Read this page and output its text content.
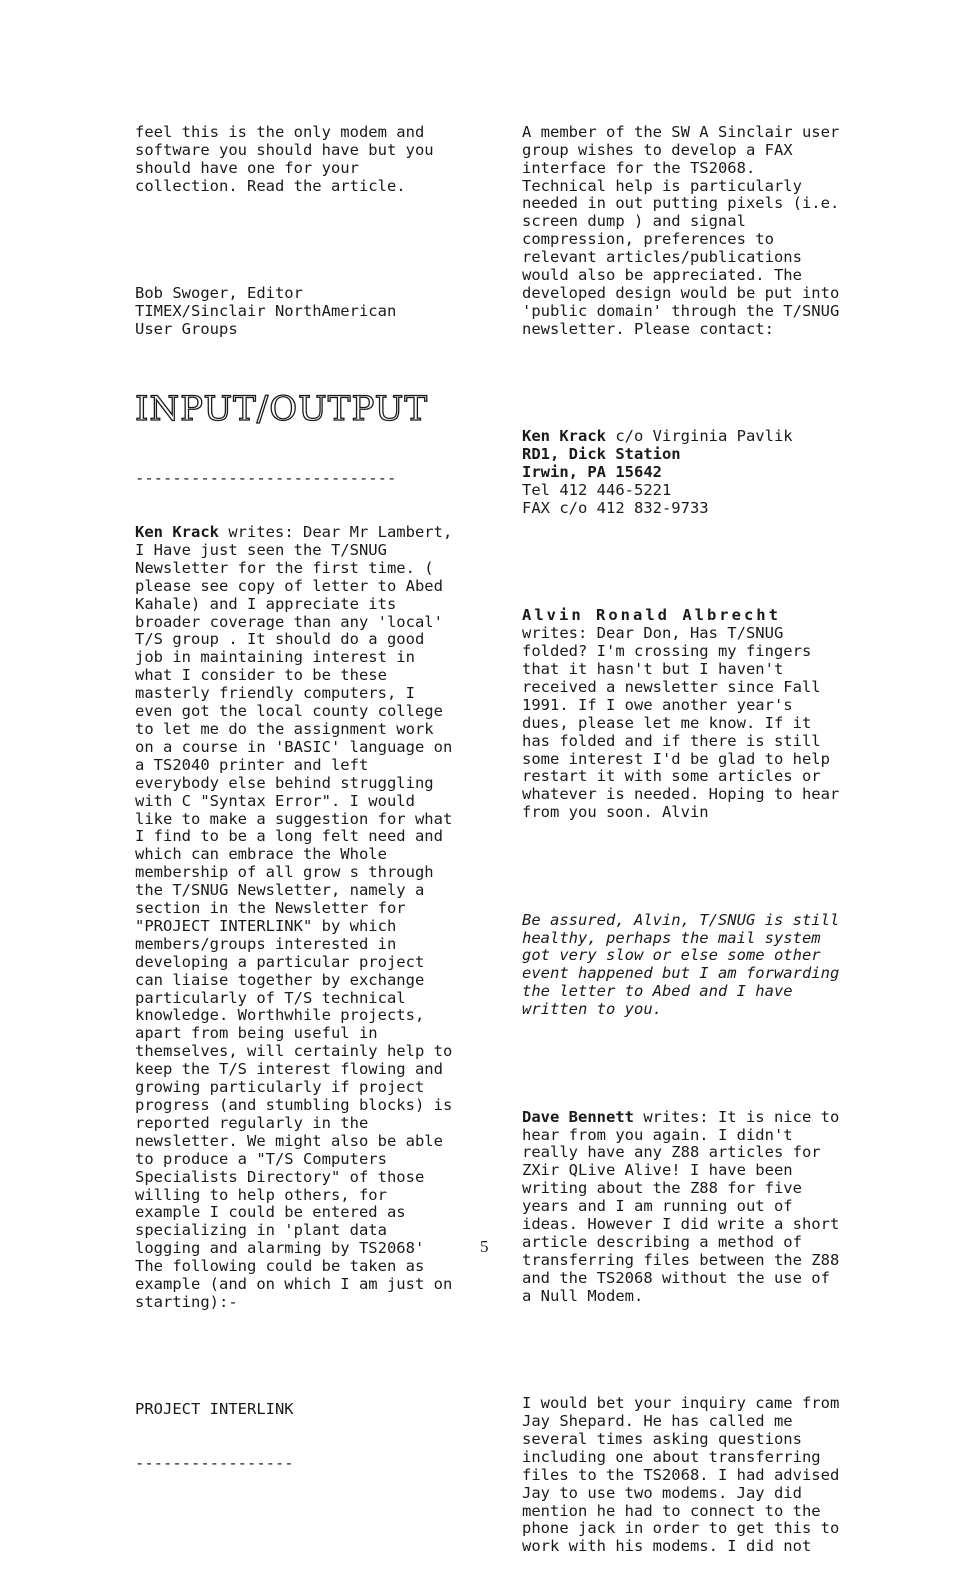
feel this is the only modem and software you should have but you should have one for your collection. Read the article.

Bob Swoger, Editor
TIMEX/Sinclair NorthAmerican
User Groups

INPUT/OUTPUT

----------------------------

Ken Krack writes: Dear Mr Lambert, I Have just seen the T/SNUG Newsletter for the first time. ( please see copy of letter to Abed Kahale) and I appreciate its broader coverage than any 'local' T/S group . It should do a good job in maintaining interest in what I consider to be these masterly friendly computers, I even got the local county college to let me do the assignment work on a course in 'BASIC' language on a TS2040 printer and left everybody else behind struggling with C "Syntax Error". I would like to make a suggestion for what I find to be a long felt need and which can embrace the Whole membership of all grow s through the T/SNUG Newsletter, namely a section in the Newsletter for "PROJECT INTERLINK" by which members/groups interested in developing a particular project can liaise together by exchange particularly of T/S technical knowledge. Worthwhile projects, apart from being useful in themselves, will certainly help to keep the T/S interest flowing and growing particularly if project progress (and stumbling blocks) is reported regularly in the newsletter. We might also be able to produce a "T/S Computers Specialists Directory" of those willing to help others, for example I could be entered as specializing in 'plant data logging and alarming by TS2068' The following could be taken as example (and on which I am just on starting):-

PROJECT INTERLINK

-----------------

A member of the SW A Sinclair user group wishes to develop a FAX interface for the TS2068. Technical help is particularly needed in out putting pixels (i.e. screen dump ) and signal compression, preferences to relevant articles/publications would also be appreciated. The developed design would be put into 'public domain' through the T/SNUG newsletter. Please contact:

Ken Krack c/o Virginia Pavlik
RD1, Dick Station
Irwin, PA 15642
Tel 412 446-5221
FAX c/o 412 832-9733

Alvin Ronald Albrecht
writes: Dear Don, Has T/SNUG folded? I'm crossing my fingers that it hasn't but I haven't received a newsletter since Fall 1991. If I owe another year's dues, please let me know. If it has folded and if there is still some interest I'd be glad to help restart it with some articles or whatever is needed. Hoping to hear from you soon. Alvin

Be assured, Alvin, T/SNUG is still healthy, perhaps the mail system got very slow or else some other event happened but I am forwarding the letter to Abed and I have written to you.

Dave Bennett writes: It is nice to hear from you again. I didn't really have any Z88 articles for ZXir QLive Alive! I have been writing about the Z88 for five years and I am running out of ideas. However I did write a short article describing a method of transferring files between the Z88 and the TS2068 without the use of a Null Modem.

I would bet your inquiry came from Jay Shepard. He has called me several times asking questions including one about transferring files to the TS2068. I had advised Jay to use two modems. Jay did mention he had to connect to the phone jack in order to get this to work with his modems. I did not

5
